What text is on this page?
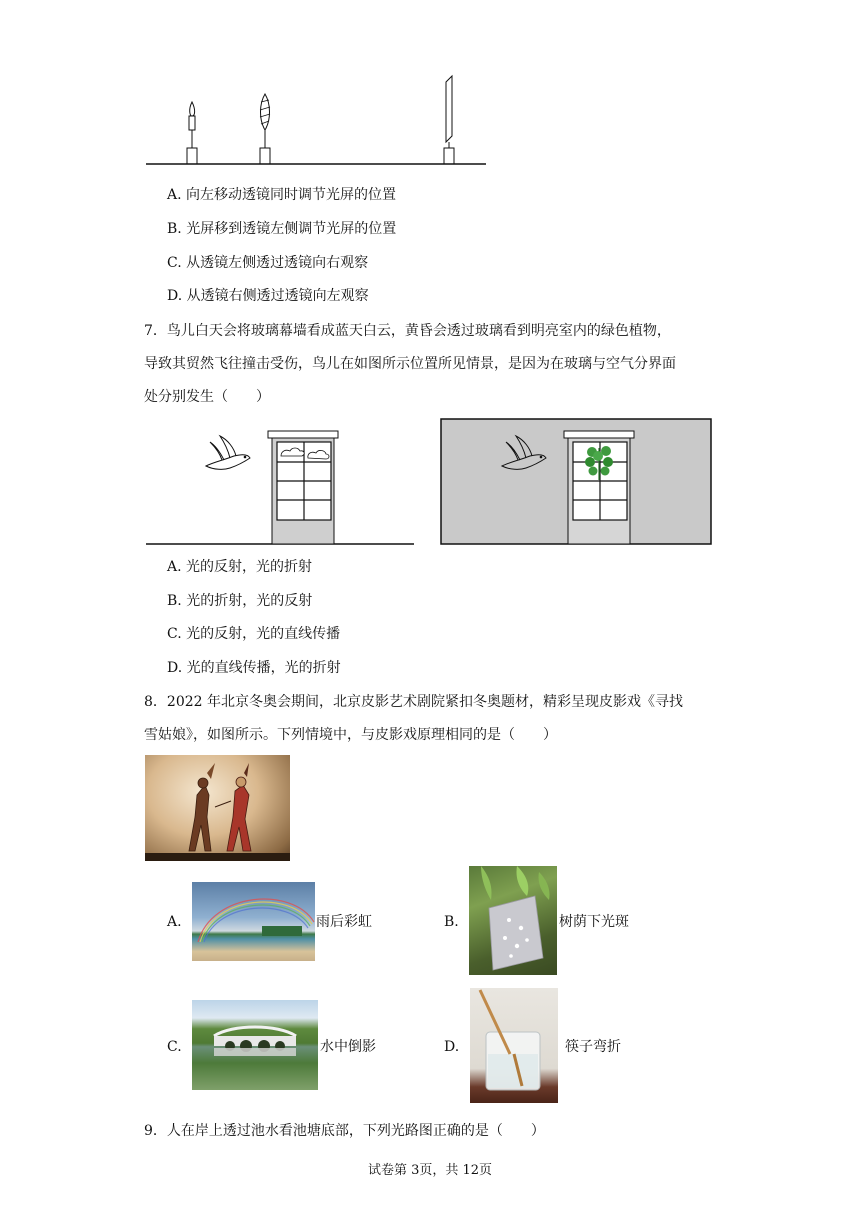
A. 向左移动透镜同时调节光屏的位置
B. 光屏移到透镜左侧调节光屏的位置
C. 从透镜左侧透过透镜向右观察
D. 从透镜右侧透过透镜向左观察
7．鸟儿白天会将玻璃幕墙看成蓝天白云，黄昏会透过玻璃看到明亮室内的绿色植物，
导致其贸然飞往撞击受伤，鸟儿在如图所示位置所见情景，是因为在玻璃与空气分界面
处分别发生（　　）
A. 光的反射，光的折射
B. 光的折射，光的反射
C. 光的反射，光的直线传播
D. 光的直线传播，光的折射
8．2022 年北京冬奥会期间，北京皮影艺术剧院紧扣冬奥题材，精彩呈现皮影戏《寻找
雪姑娘》，如图所示。下列情境中，与皮影戏原理相同的是（　　）
A.	雨后彩虹	B.	树荫下光斑
C.	水中倒影	D.	筷子弯折
9．人在岸上透过池水看池塘底部，下列光路图正确的是（　　）
试卷第 3页，共 12页
